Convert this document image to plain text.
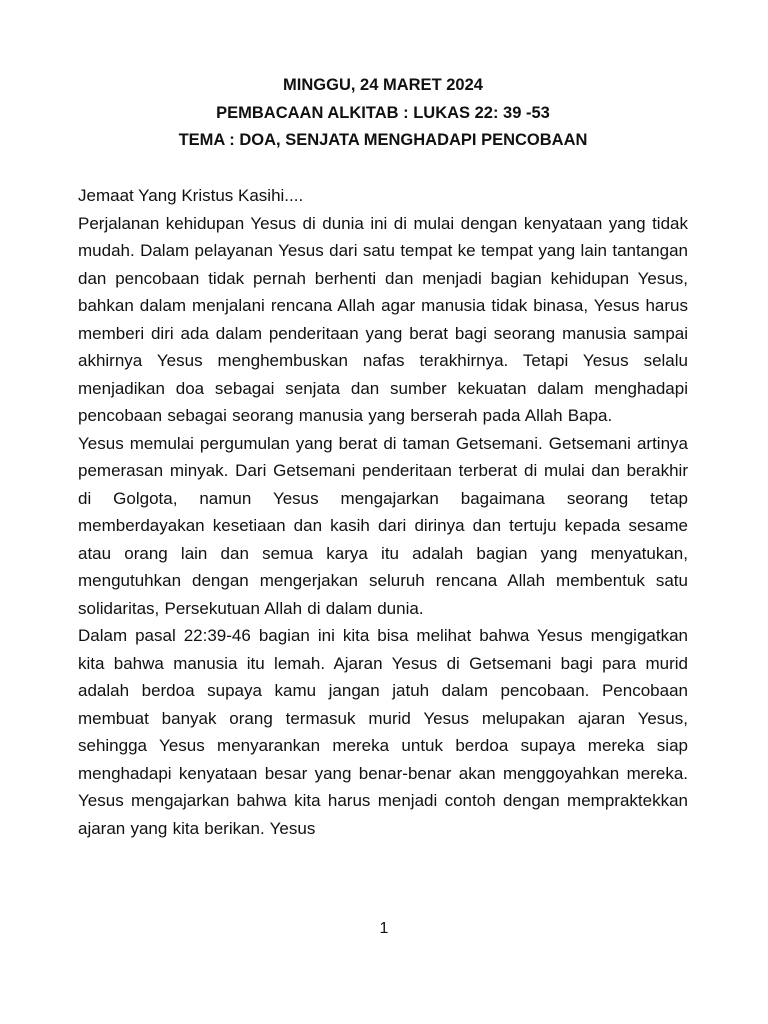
MINGGU, 24 MARET 2024
PEMBACAAN ALKITAB : LUKAS 22: 39 -53
TEMA : DOA, SENJATA MENGHADAPI PENCOBAAN

Jemaat Yang Kristus Kasihi....

Perjalanan kehidupan Yesus di dunia ini di mulai dengan kenyataan yang tidak mudah. Dalam pelayanan Yesus dari satu tempat ke tempat yang lain tantangan dan pencobaan tidak pernah berhenti dan menjadi bagian kehidupan Yesus, bahkan dalam menjalani rencana Allah agar manusia tidak binasa, Yesus harus memberi diri ada dalam penderitaan yang berat bagi seorang manusia sampai akhirnya Yesus menghembuskan nafas terakhirnya. Tetapi Yesus selalu menjadikan doa sebagai senjata dan sumber kekuatan dalam menghadapi pencobaan sebagai seorang manusia yang berserah pada Allah Bapa.

Yesus memulai pergumulan yang berat di taman Getsemani. Getsemani artinya pemerasan minyak. Dari Getsemani penderitaan terberat di mulai dan berakhir di Golgota, namun Yesus mengajarkan bagaimana seorang tetap memberdayakan kesetiaan dan kasih dari dirinya dan tertuju kepada sesame atau orang lain dan semua karya itu adalah bagian yang menyatukan, mengutuhkan dengan mengerjakan seluruh rencana Allah membentuk satu solidaritas, Persekutuan Allah di dalam dunia.

Dalam pasal 22:39-46 bagian ini kita bisa melihat bahwa Yesus mengigatkan kita bahwa manusia itu lemah. Ajaran Yesus di Getsemani bagi para murid adalah berdoa supaya kamu jangan jatuh dalam pencobaan. Pencobaan membuat banyak orang termasuk murid Yesus melupakan ajaran Yesus, sehingga Yesus menyarankan mereka untuk berdoa supaya mereka siap menghadapi kenyataan besar yang benar-benar akan menggoyahkan mereka. Yesus mengajarkan bahwa kita harus menjadi contoh dengan mempraktekkan ajaran yang kita berikan. Yesus

1
